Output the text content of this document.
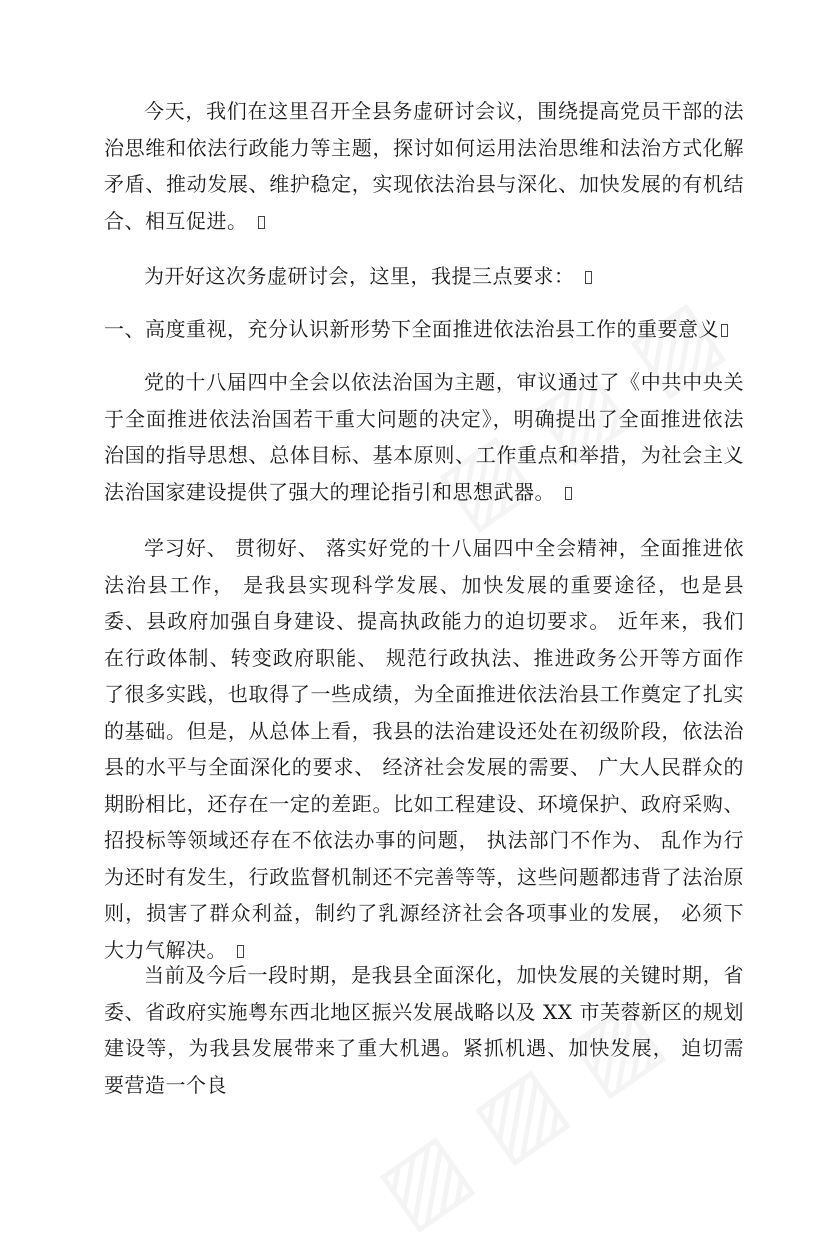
今天，我们在这里召开全县务虚研讨会议，围绕提高党员干部的法治思维和依法行政能力等主题，探讨如何运用法治思维和法治方式化解矛盾、推动发展、维护稳定，实现依法治县与深化、加快发展的有机结合、相互促进。

为开好这次务虚研讨会，这里，我提三点要求：

一、高度重视，充分认识新形势下全面推进依法治县工作的重要意义

党的十八届四中全会以依法治国为主题，审议通过了《中共中央关于全面推进依法治国若干重大问题的决定》，明确提出了全面推进依法治国的指导思想、总体目标、基本原则、工作重点和举措，为社会主义法治国家建设提供了强大的理论指引和思想武器。

学习好、 贯彻好、 落实好党的十八届四中全会精神，全面推进依法治县工作， 是我县实现科学发展、加快发展的重要途径，也是县委、县政府加强自身建设、提高执政能力的迫切要求。 近年来，我们在行政体制、转变政府职能、 规范行政执法、推进政务公开等方面作了很多实践，也取得了一些成绩，为全面推进依法治县工作奠定了扎实的基础。但是，从总体上看，我县的法治建设还处在初级阶段，依法治县的水平与全面深化的要求、 经济社会发展的需要、 广大人民群众的期盼相比，还存在一定的差距。比如工程建设、环境保护、政府采购、招投标等领域还存在不依法办事的问题， 执法部门不作为、 乱作为行为还时有发生，行政监督机制还不完善等等，这些问题都违背了法治原则，损害了群众利益，制约了乳源经济社会各项事业的发展， 必须下大力气解决。

当前及今后一段时期，是我县全面深化，加快发展的关键时期，省委、省政府实施粤东西北地区振兴发展战略以及 XX 市芙蓉新区的规划建设等，为我县发展带来了重大机遇。紧抓机遇、加快发展， 迫切需要营造一个良
